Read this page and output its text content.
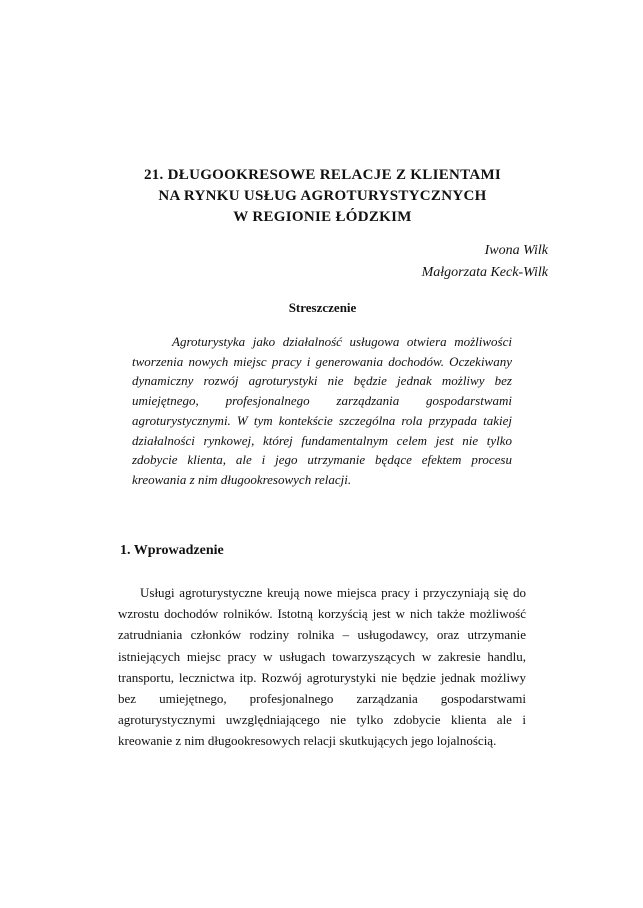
21. DŁUGOOKRESOWE RELACJE Z KLIENTAMI
NA RYNKU USŁUG AGROTURYSTYCZNYCH
W REGIONIE ŁÓDZKIM
Iwona Wilk
Małgorzata Keck-Wilk
Streszczenie

Agroturystyka jako działalność usługowa otwiera możliwości tworzenia nowych miejsc pracy i generowania dochodów. Oczekiwany dynamiczny rozwój agroturystyki nie będzie jednak możliwy bez umiejętnego, profesjonalnego zarządzania gospodarstwami agroturystycznymi. W tym kontekście szczególna rola przypada takiej działalności rynkowej, której fundamentalnym celem jest nie tylko zdobycie klienta, ale i jego utrzymanie będące efektem procesu kreowania z nim długookresowych relacji.

1. Wprowadzenie

Usługi agroturystyczne kreują nowe miejsca pracy i przyczyniają się do wzrostu dochodów rolników. Istotną korzyścią jest w nich także możliwość zatrudniania członków rodziny rolnika – usługodawcy, oraz utrzymanie istniejących miejsc pracy w usługach towarzyszących w zakresie handlu, transportu, lecznictwa itp. Rozwój agroturystyki nie będzie jednak możliwy bez umiejętnego, profesjonalnego zarządzania gospodarstwami agroturystycznymi uwzględniającego nie tylko zdobycie klienta ale i kreowanie z nim długookresowych relacji skutkujących jego lojalnością.
